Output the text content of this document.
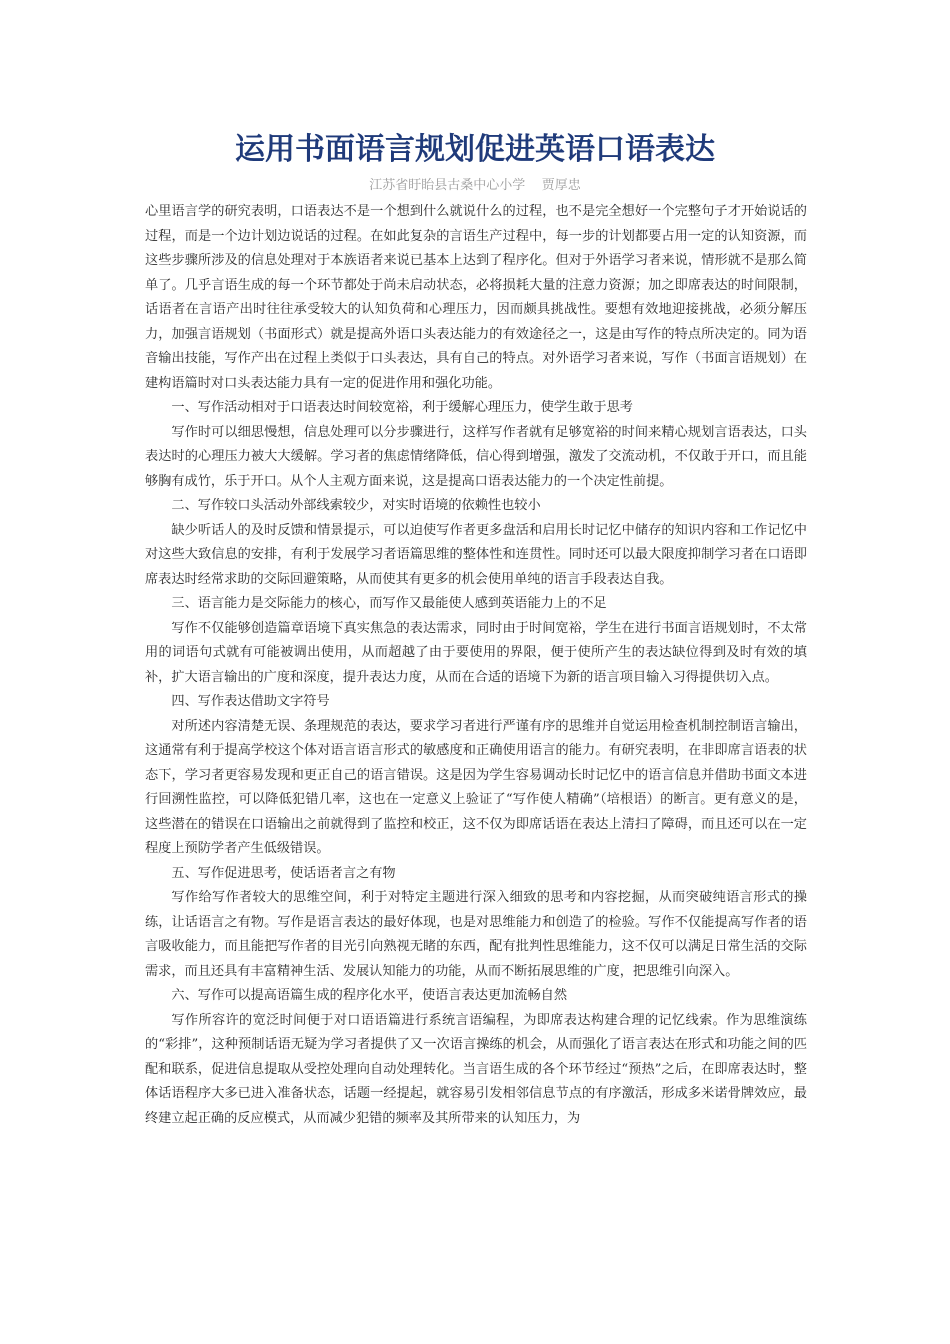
运用书面语言规划促进英语口语表达
江苏省盱眙县古桑中心小学    贾厚忠

心里语言学的研究表明，口语表达不是一个想到什么就说什么的过程，也不是完全想好一个完整句子才开始说话的过程，而是一个边计划边说话的过程。在如此复杂的言语生产过程中，每一步的计划都要占用一定的认知资源，而这些步骤所涉及的信息处理对于本族语者来说已基本上达到了程序化。但对于外语学习者来说，情形就不是那么简单了。几乎言语生成的每一个环节都处于尚未启动状态，必将损耗大量的注意力资源；加之即席表达的时间限制，话语者在言语产出时往往承受较大的认知负荷和心理压力，因而颇具挑战性。要想有效地迎接挑战，必须分解压力，加强言语规划（书面形式）就是提高外语口头表达能力的有效途径之一，这是由写作的特点所决定的。同为语音输出技能，写作产出在过程上类似于口头表达，具有自己的特点。对外语学习者来说，写作（书面言语规划）在建构语篇时对口头表达能力具有一定的促进作用和强化功能。

一、写作活动相对于口语表达时间较宽裕，利于缓解心理压力，使学生敢于思考

写作时可以细思慢想，信息处理可以分步骤进行，这样写作者就有足够宽裕的时间来精心规划言语表达，口头表达时的心理压力被大大缓解。学习者的焦虑情绪降低，信心得到增强，激发了交流动机，不仅敢于开口，而且能够胸有成竹，乐于开口。从个人主观方面来说，这是提高口语表达能力的一个决定性前提。

二、写作较口头活动外部线索较少，对实时语境的依赖性也较小

缺少听话人的及时反馈和情景提示，可以迫使写作者更多盘活和启用长时记忆中储存的知识内容和工作记忆中对这些大致信息的安排，有利于发展学习者语篇思维的整体性和连贯性。同时还可以最大限度抑制学习者在口语即席表达时经常求助的交际回避策略，从而使其有更多的机会使用单纯的语言手段表达自我。

三、语言能力是交际能力的核心，而写作又最能使人感到英语能力上的不足

写作不仅能够创造篇章语境下真实焦急的表达需求，同时由于时间宽裕，学生在进行书面言语规划时，不太常用的词语句式就有可能被调出使用，从而超越了由于要使用的界限，便于使所产生的表达缺位得到及时有效的填补，扩大语言输出的广度和深度，提升表达力度，从而在合适的语境下为新的语言项目输入习得提供切入点。

四、写作表达借助文字符号

对所述内容清楚无误、条理规范的表达，要求学习者进行严谨有序的思维并自觉运用检查机制控制语言输出，这通常有利于提高学校这个体对语言语言形式的敏感度和正确使用语言的能力。有研究表明，在非即席言语表的状态下，学习者更容易发现和更正自己的语言错误。这是因为学生容易调动长时记忆中的语言信息并借助书面文本进行回溯性监控，可以降低犯错几率，这也在一定意义上验证了“写作使人精确”（培根语）的断言。更有意义的是，这些潜在的错误在口语输出之前就得到了监控和校正，这不仅为即席话语在表达上清扫了障碍，而且还可以在一定程度上预防学者产生低级错误。

五、写作促进思考，使话语者言之有物

写作给写作者较大的思维空间，利于对特定主题进行深入细致的思考和内容挖掘，从而突破纯语言形式的操练，让话语言之有物。写作是语言表达的最好体现，也是对思维能力和创造了的检验。写作不仅能提高写作者的语言吸收能力，而且能把写作者的目光引向熟视无睹的东西，配有批判性思维能力，这不仅可以满足日常生活的交际需求，而且还具有丰富精神生活、发展认知能力的功能，从而不断拓展思维的广度，把思维引向深入。

六、写作可以提高语篇生成的程序化水平，使语言表达更加流畅自然

写作所容许的宽泛时间便于对口语语篇进行系统言语编程，为即席表达构建合理的记忆线索。作为思维演练的“彩排”，这种预制话语无疑为学习者提供了又一次语言操练的机会，从而强化了语言表达在形式和功能之间的匹配和联系，促进信息提取从受控处理向自动处理转化。当言语生成的各个环节经过“预热”之后，在即席表达时，整体话语程序大多已进入准备状态，话题一经提起，就容易引发相邻信息节点的有序激活，形成多米诺骨牌效应，最终建立起正确的反应模式，从而减少犯错的频率及其所带来的认知压力，为
